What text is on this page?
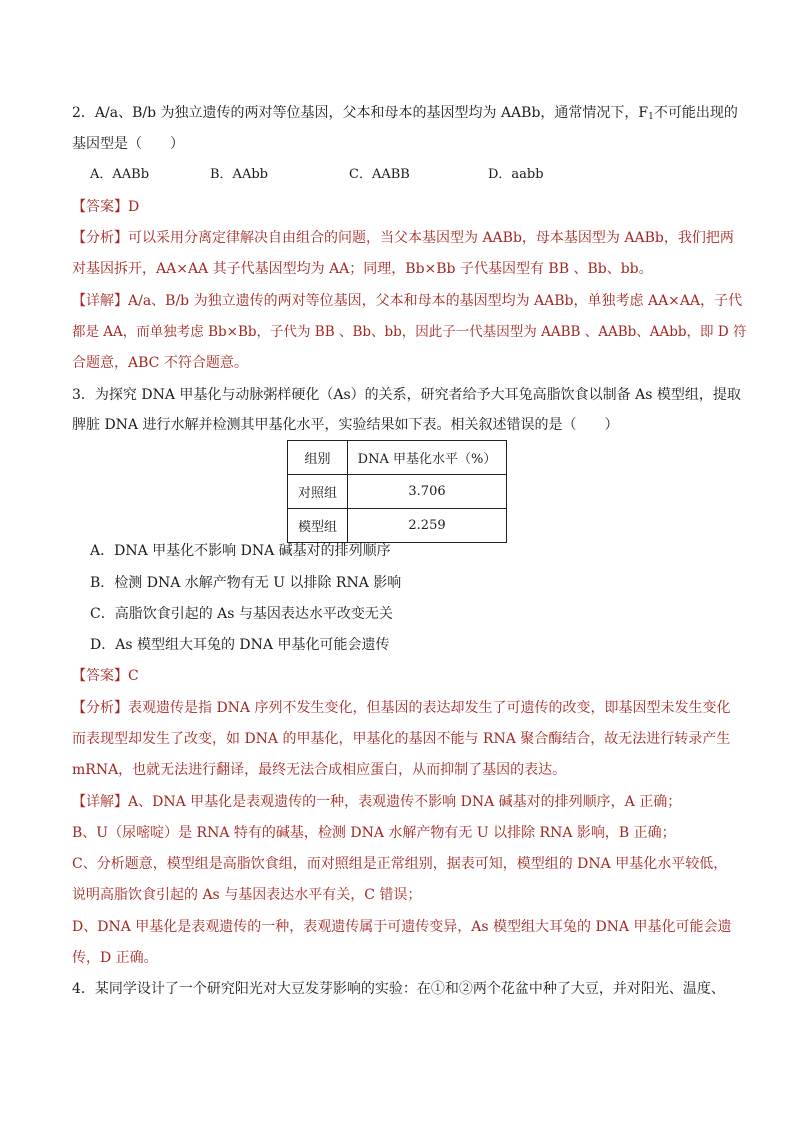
2．A/a、B/b 为独立遗传的两对等位基因，父本和母本的基因型均为 AABb，通常情况下，$F_1$不可能出现的
基因型是（　　）
A．AABb	B．AAbb	C．AABB	D．aabb
【答案】D
【分析】可以采用分离定律解决自由组合的问题，当父本基因型为 AABb，母本基因型为 AABb，我们把两
对基因拆开，AA×AA 其子代基因型均为 AA；同理，Bb×Bb 子代基因型有 BB 、Bb、bb。
【详解】A/a、B/b 为独立遗传的两对等位基因，父本和母本的基因型均为 AABb，单独考虑 AA×AA，子代
都是 AA，而单独考虑 Bb×Bb，子代为 BB 、Bb、bb，因此子一代基因型为 AABB 、AABb、AAbb，即 D 符
合题意，ABC 不符合题意。
3．为探究 DNA 甲基化与动脉粥样硬化（As）的关系，研究者给予大耳兔高脂饮食以制备 As 模型组，提取
脾脏 DNA 进行水解并检测其甲基化水平，实验结果如下表。相关叙述错误的是（　　）
组别	DNA 甲基化水平（%）
对照组	3.706
模型组	2.259
A．DNA 甲基化不影响 DNA 碱基对的排列顺序
B．检测 DNA 水解产物有无 U 以排除 RNA 影响
C．高脂饮食引起的 As 与基因表达水平改变无关
D．As 模型组大耳兔的 DNA 甲基化可能会遗传
【答案】C
【分析】表观遗传是指 DNA 序列不发生变化，但基因的表达却发生了可遗传的改变，即基因型未发生变化
而表现型却发生了改变，如 DNA 的甲基化，甲基化的基因不能与 RNA 聚合酶结合，故无法进行转录产生
mRNA，也就无法进行翻译，最终无法合成相应蛋白，从而抑制了基因的表达。
【详解】A、DNA 甲基化是表观遗传的一种，表观遗传不影响 DNA 碱基对的排列顺序，A 正确；
B、U（尿嘧啶）是 RNA 特有的碱基，检测 DNA 水解产物有无 U 以排除 RNA 影响，B 正确；
C、分析题意，模型组是高脂饮食组，而对照组是正常组别，据表可知，模型组的 DNA 甲基化水平较低，
说明高脂饮食引起的 As 与基因表达水平有关，C 错误；
D、DNA 甲基化是表观遗传的一种，表观遗传属于可遗传变异，As 模型组大耳兔的 DNA 甲基化可能会遗
传，D 正确。
4．某同学设计了一个研究阳光对大豆发芽影响的实验：在①和②两个花盆中种了大豆，并对阳光、温度、
